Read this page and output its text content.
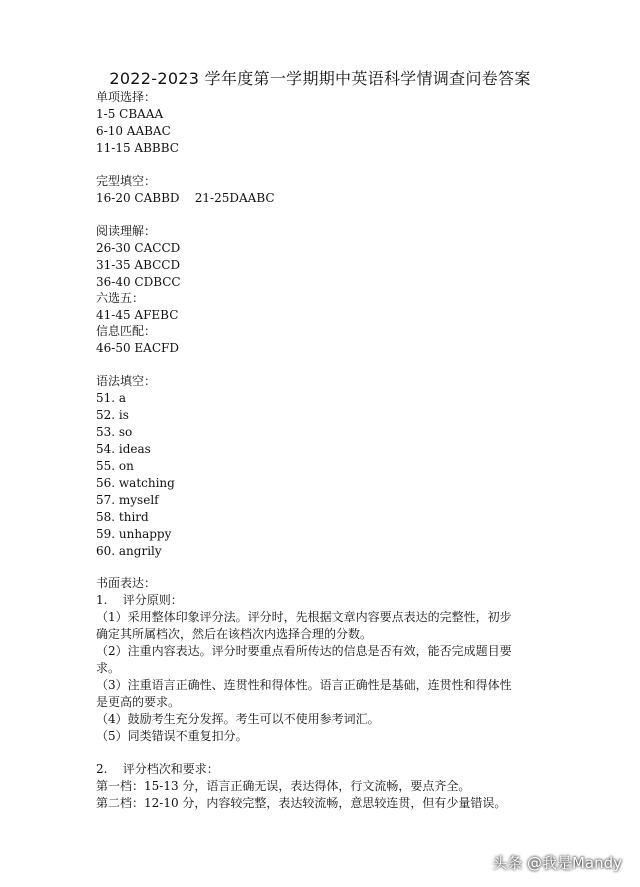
2022-2023 学年度第一学期期中英语科学情调查问卷答案
单项选择：
1-5 CBAAA
6-10 AABAC
11-15 ABBBC
完型填空：
16-20 CABBD    21-25DAABC
阅读理解：
26-30 CACCD
31-35 ABCCD
36-40 CDBCC
六选五：
41-45 AFEBC
信息匹配：
46-50 EACFD
语法填空：
51. a
52. is
53. so
54. ideas
55. on
56. watching
57. myself
58. third
59. unhappy
60. angrily
书面表达：
1.    评分原则：
（1）采用整体印象评分法。评分时，先根据文章内容要点表达的完整性，初步
确定其所属档次，然后在该档次内选择合理的分数。
（2）注重内容表达。评分时要重点看所传达的信息是否有效，能否完成题目要
求。
（3）注重语言正确性、连贯性和得体性。语言正确性是基础，连贯性和得体性
是更高的要求。
（4）鼓励考生充分发挥。考生可以不使用参考词汇。
（5）同类错误不重复扣分。
2.    评分档次和要求：
第一档：15-13 分，语言正确无误，表达得体，行文流畅，要点齐全。
第二档：12-10 分，内容较完整，表达较流畅，意思较连贯，但有少量错误。
头条 @我是Mandy
